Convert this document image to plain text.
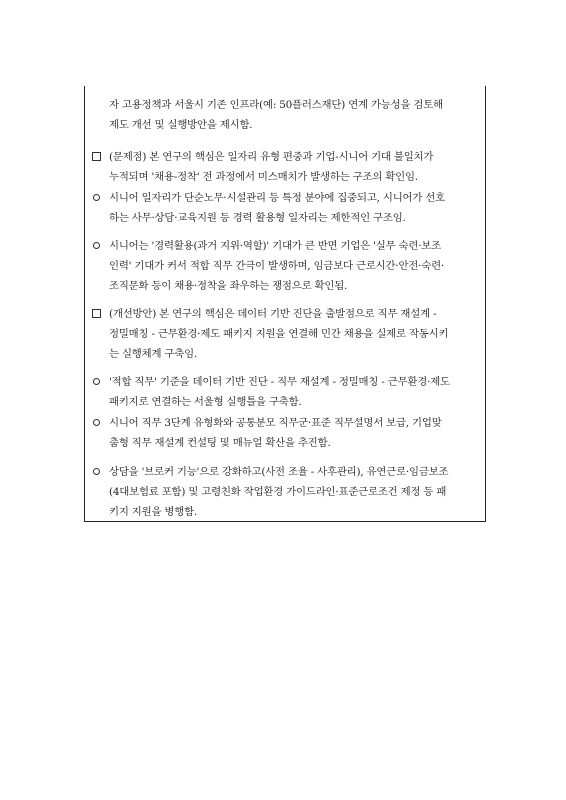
자 고용정책과 서울시 기존 인프라(예: 50플러스재단) 연계 가능성을 검토해
제도 개선 및 실행방안을 제시함.
(문제점) 본 연구의 핵심은 일자리 유형 편중과 기업-시니어 기대 불일치가
누적되며 '채용-정착' 전 과정에서 미스매치가 발생하는 구조의 확인임.
시니어 일자리가 단순노무·시설관리 등 특정 분야에 집중되고, 시니어가 선호
하는 사무·상담·교육지원 등 경력 활용형 일자리는 제한적인 구조임.
시니어는 '경력활용(과거 지위·역할)' 기대가 큰 반면 기업은 '실무 숙련·보조
인력' 기대가 커서 적합 직무 간극이 발생하며, 임금보다 근로시간·안전·숙련·
조직문화 등이 채용·정착을 좌우하는 쟁점으로 확인됨.
(개선방안) 본 연구의 핵심은 데이터 기반 진단을 출발점으로 직무 재설계 -
정밀매칭 - 근무환경·제도 패키지 지원을 연결해 민간 채용을 실제로 작동시키
는 실행체계 구축임.
'적합 직무' 기준을 데이터 기반 진단 - 직무 재설계 - 정밀매칭 - 근무환경·제도
패키지로 연결하는 서울형 실행틀을 구축함.
시니어 직무 3단계 유형화와 공통분모 직무군·표준 직무설명서 보급, 기업맞
춤형 직무 재설계 컨설팅 및 매뉴얼 확산을 추진함.
상담을 '브로커 기능'으로 강화하고(사전 조율 - 사후관리), 유연근로·임금보조
(4대보험료 포함) 및 고령친화 작업환경 가이드라인·표준근로조건 제정 등 패
키지 지원을 병행함.
